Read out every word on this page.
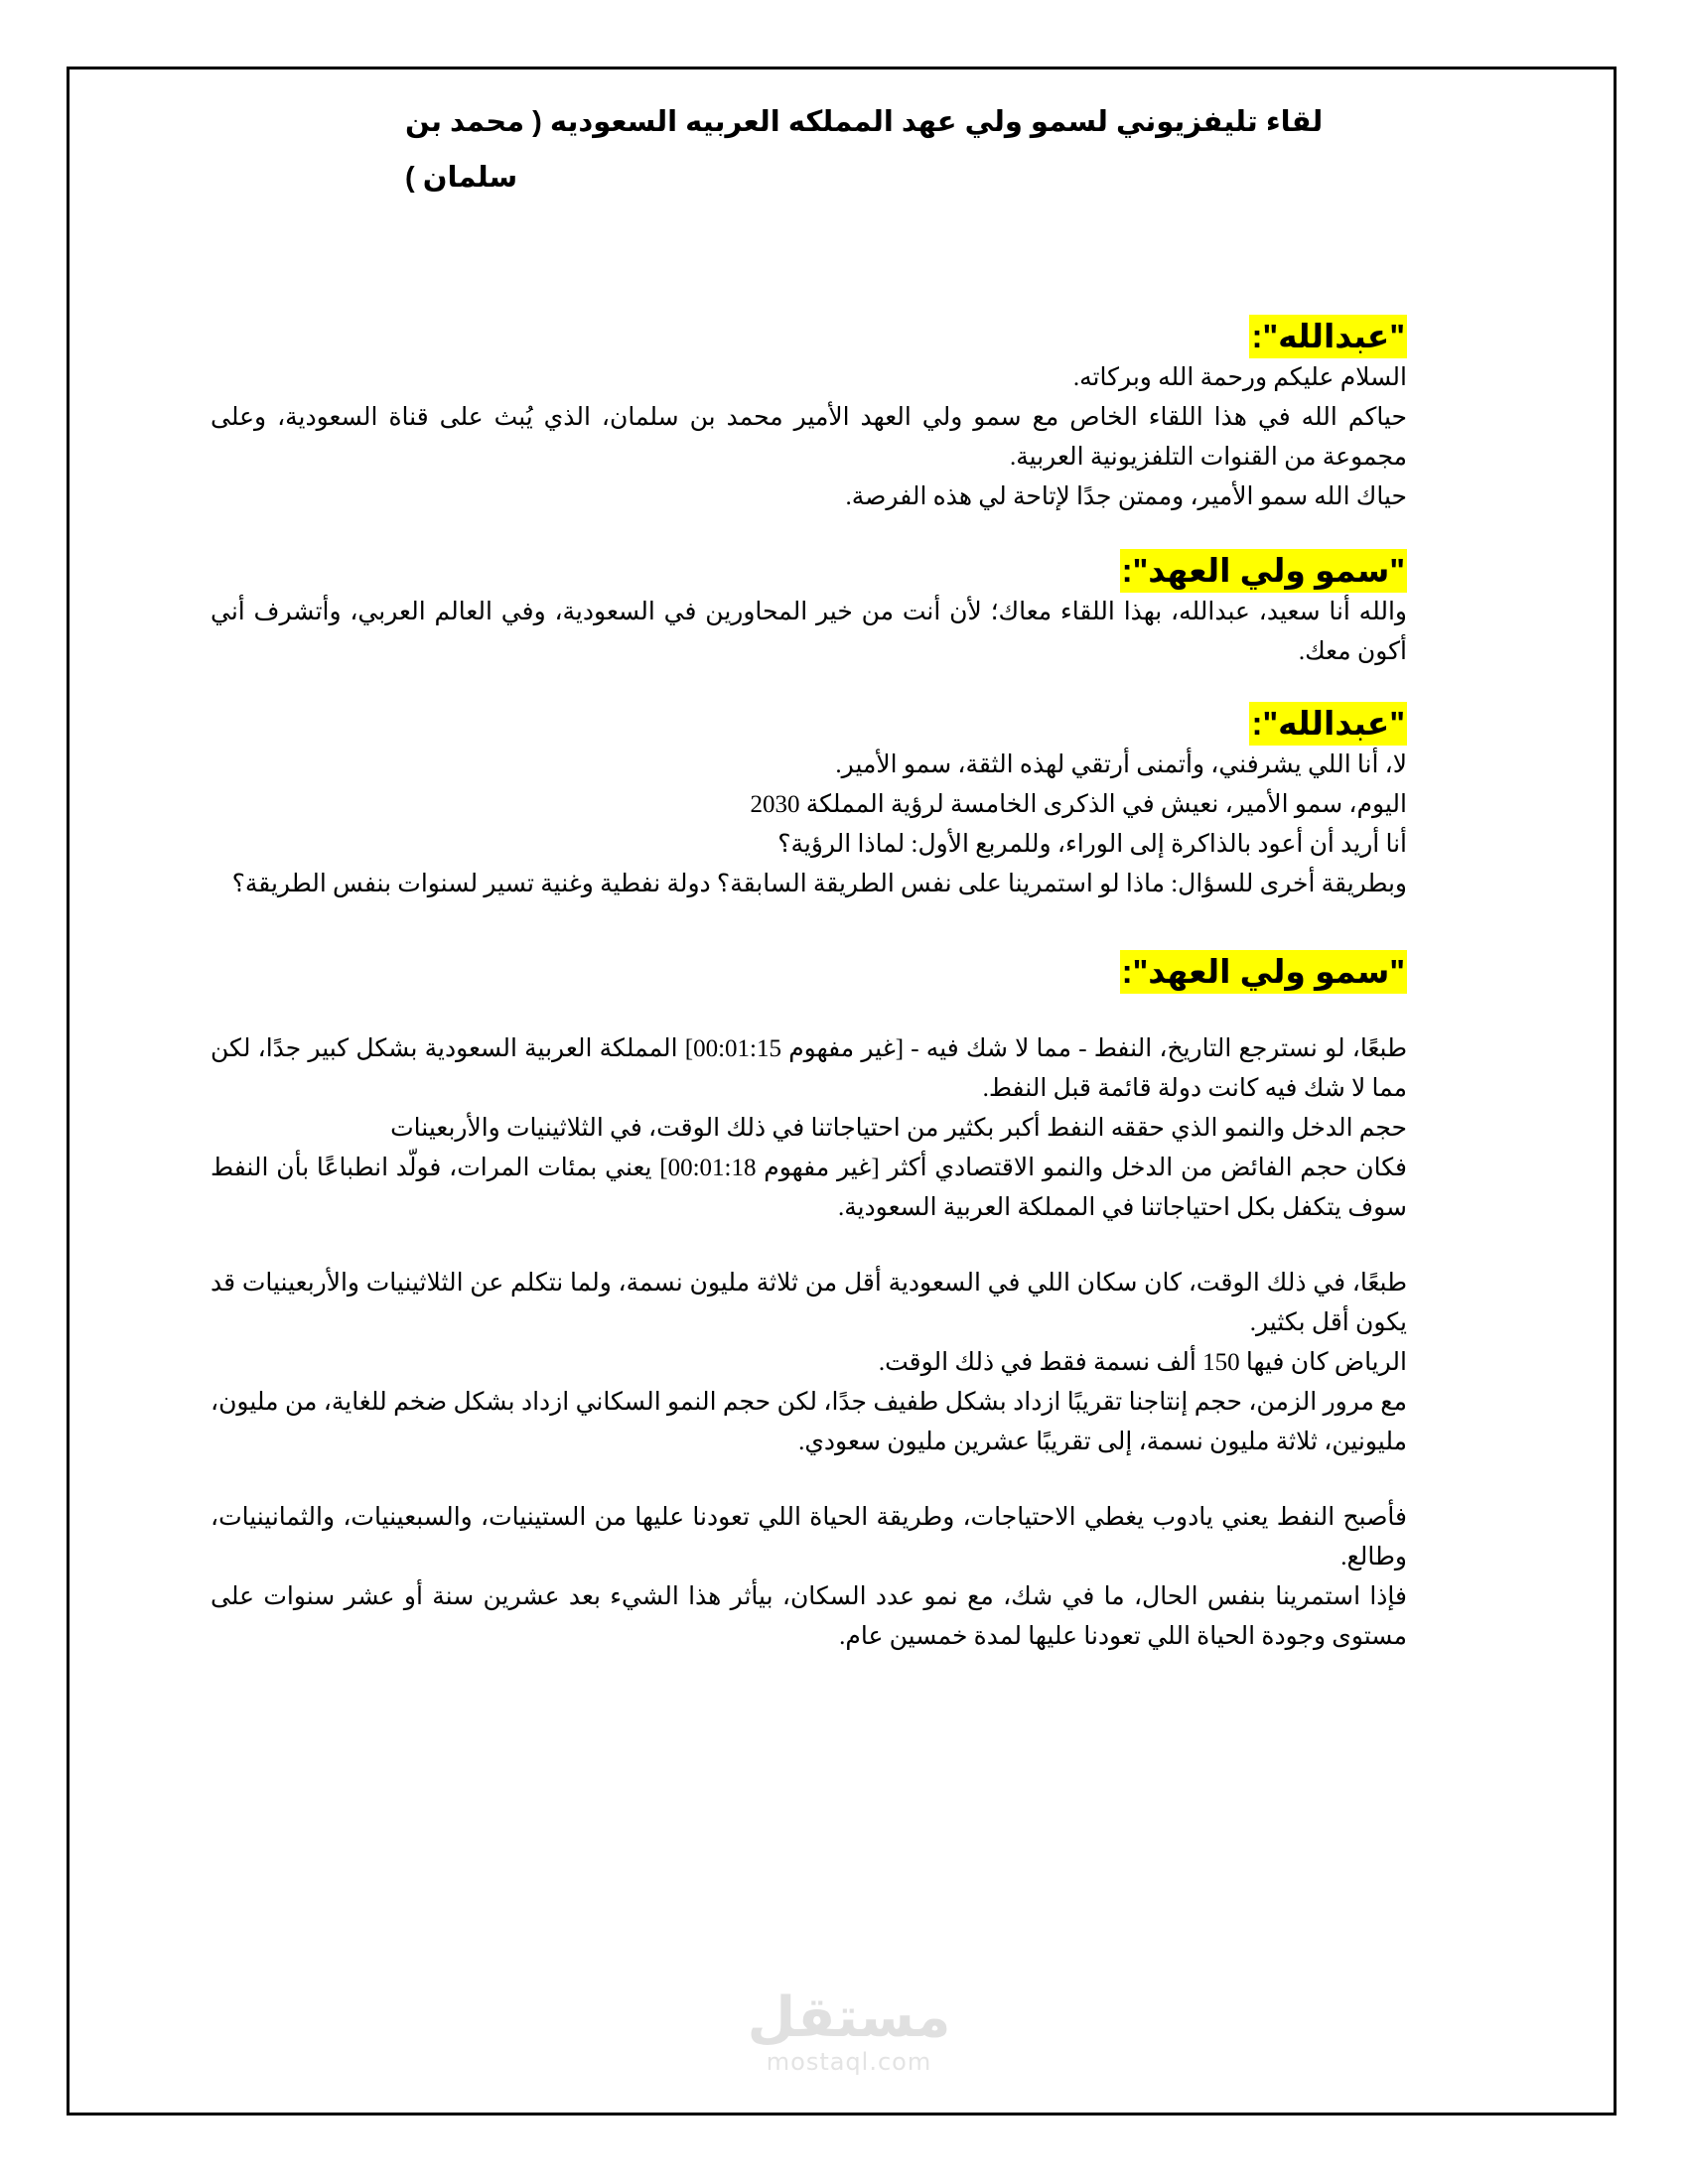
لقاء تليفزيوني لسمو ولي عهد المملكه العربيه السعوديه ( محمد بن سلمان )
"عبدالله":

السلام عليكم ورحمة الله وبركاته.

حياكم الله في هذا اللقاء الخاص مع سمو ولي العهد الأمير محمد بن سلمان، الذي يُبث على قناة السعودية، وعلى مجموعة من القنوات التلفزيونية العربية.

حياك الله سمو الأمير، وممتن جدًا لإتاحة لي هذه الفرصة.

"سمو ولي العهد":

والله أنا سعيد، عبدالله، بهذا اللقاء معاك؛ لأن أنت من خير المحاورين في السعودية، وفي العالم العربي، وأتشرف أني أكون معك.

"عبدالله":

لا، أنا اللي يشرفني، وأتمنى أرتقي لهذه الثقة، سمو الأمير.

اليوم، سمو الأمير، نعيش في الذكرى الخامسة لرؤية المملكة 2030

أنا أريد أن أعود بالذاكرة إلى الوراء، وللمربع الأول: لماذا الرؤية؟

وبطريقة أخرى للسؤال: ماذا لو استمرينا على نفس الطريقة السابقة؟ دولة نفطية وغنية تسير لسنوات بنفس الطريقة؟

"سمو ولي العهد":

طبعًا، لو نسترجع التاريخ، النفط - مما لا شك فيه - [غير مفهوم 00:01:15] المملكة العربية السعودية بشكل كبير جدًا، لكن مما لا شك فيه كانت دولة قائمة قبل النفط.

حجم الدخل والنمو الذي حققه النفط أكبر بكثير من احتياجاتنا في ذلك الوقت، في الثلاثينيات والأربعينات

فكان حجم الفائض من الدخل والنمو الاقتصادي أكثر [غير مفهوم 00:01:18] يعني بمئات المرات، فولّد انطباعًا بأن النفط سوف يتكفل بكل احتياجاتنا في المملكة العربية السعودية.

طبعًا، في ذلك الوقت، كان سكان اللي في السعودية أقل من ثلاثة مليون نسمة، ولما نتكلم عن الثلاثينيات والأربعينيات قد يكون أقل بكثير.

الرياض كان فيها 150 ألف نسمة فقط في ذلك الوقت.

مع مرور الزمن، حجم إنتاجنا تقريبًا ازداد بشكل طفيف جدًا، لكن حجم النمو السكاني ازداد بشكل ضخم للغاية، من مليون، مليونين، ثلاثة مليون نسمة، إلى تقريبًا عشرين مليون سعودي.

فأصبح النفط يعني يادوب يغطي الاحتياجات، وطريقة الحياة اللي تعودنا عليها من الستينيات، والسبعينيات، والثمانينيات، وطالع.

فإذا استمرينا بنفس الحال، ما في شك، مع نمو عدد السكان، بيأثر هذا الشيء بعد عشرين سنة أو عشر سنوات على مستوى وجودة الحياة اللي تعودنا عليها لمدة خمسين عام.

مستقل
mostaql.com
